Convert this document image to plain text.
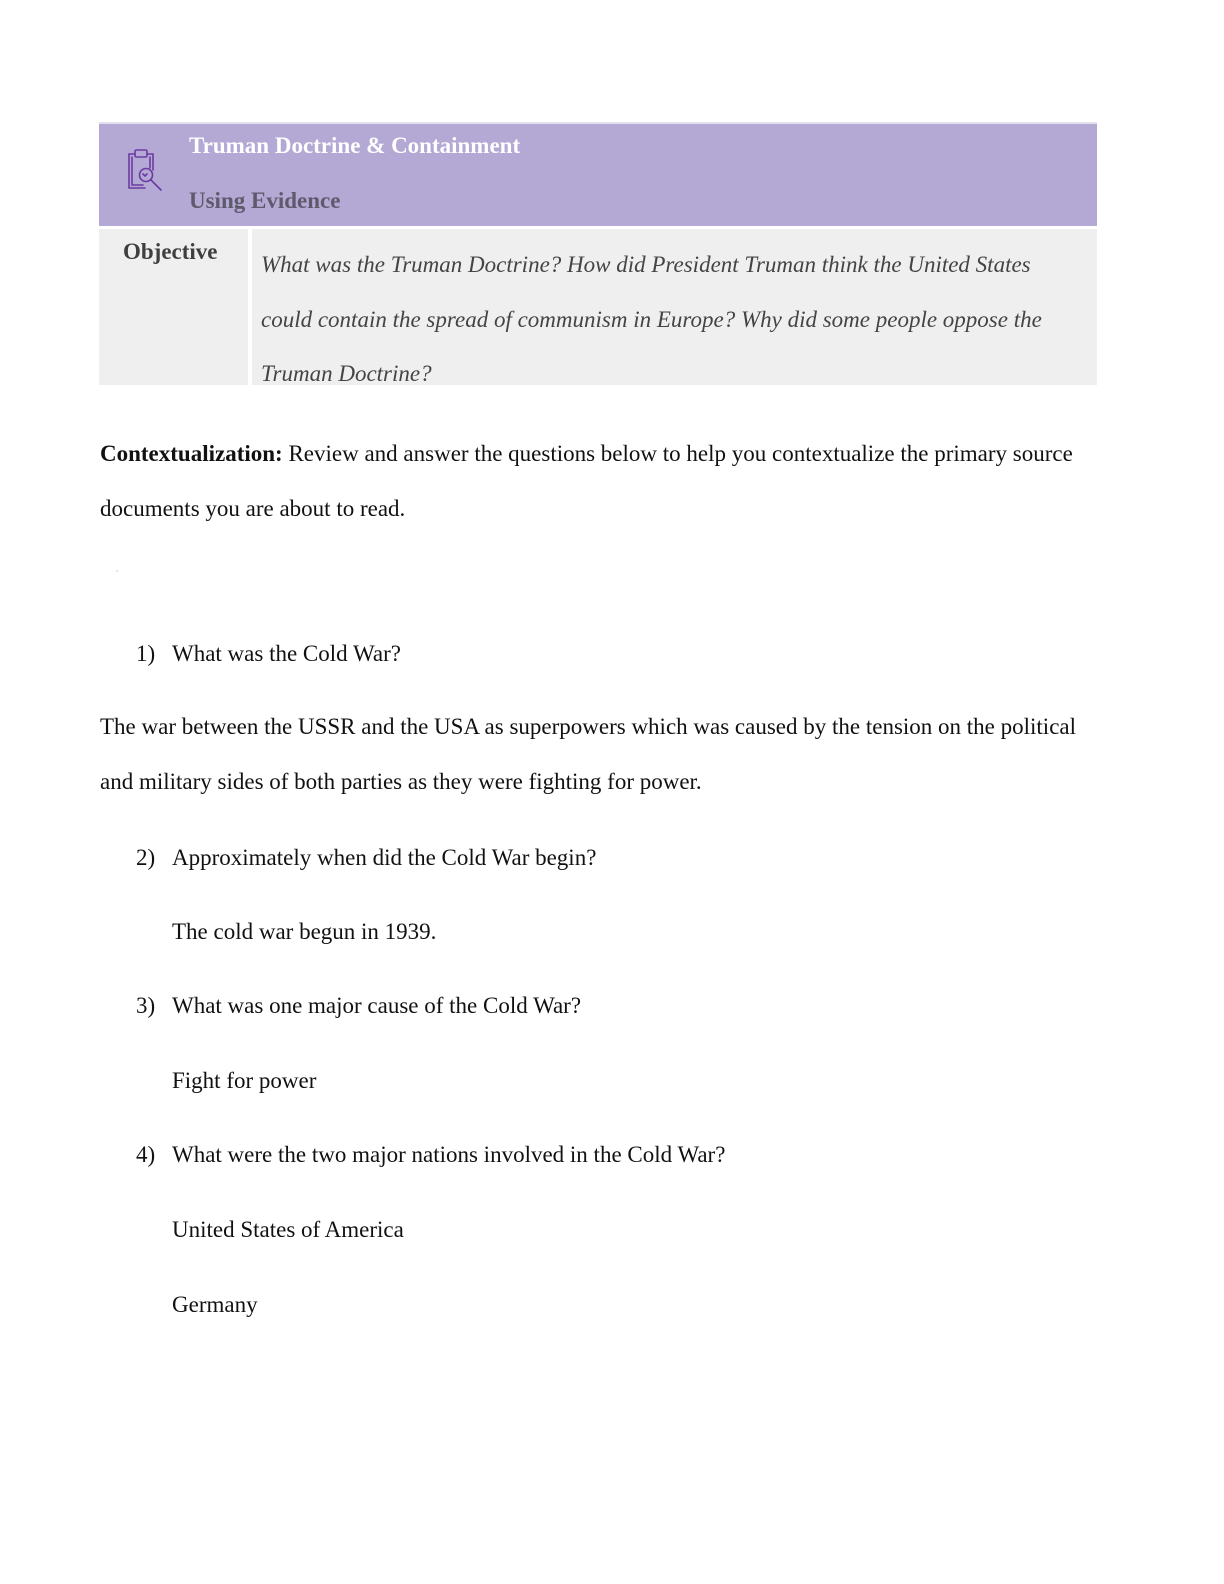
Truman Doctrine & Containment
Using Evidence
Objective
What was the Truman Doctrine? How did President Truman think the United States could contain the spread of communism in Europe? Why did some people oppose the Truman Doctrine?
Contextualization: Review and answer the questions below to help you contextualize the primary source documents you are about to read.
1) What was the Cold War?
The war between the USSR and the USA as superpowers which was caused by the tension on the political and military sides of both parties as they were fighting for power.
2) Approximately when did the Cold War begin?
The cold war begun in 1939.
3) What was one major cause of the Cold War?
Fight for power
4) What were the two major nations involved in the Cold War?
United States of America
Germany
